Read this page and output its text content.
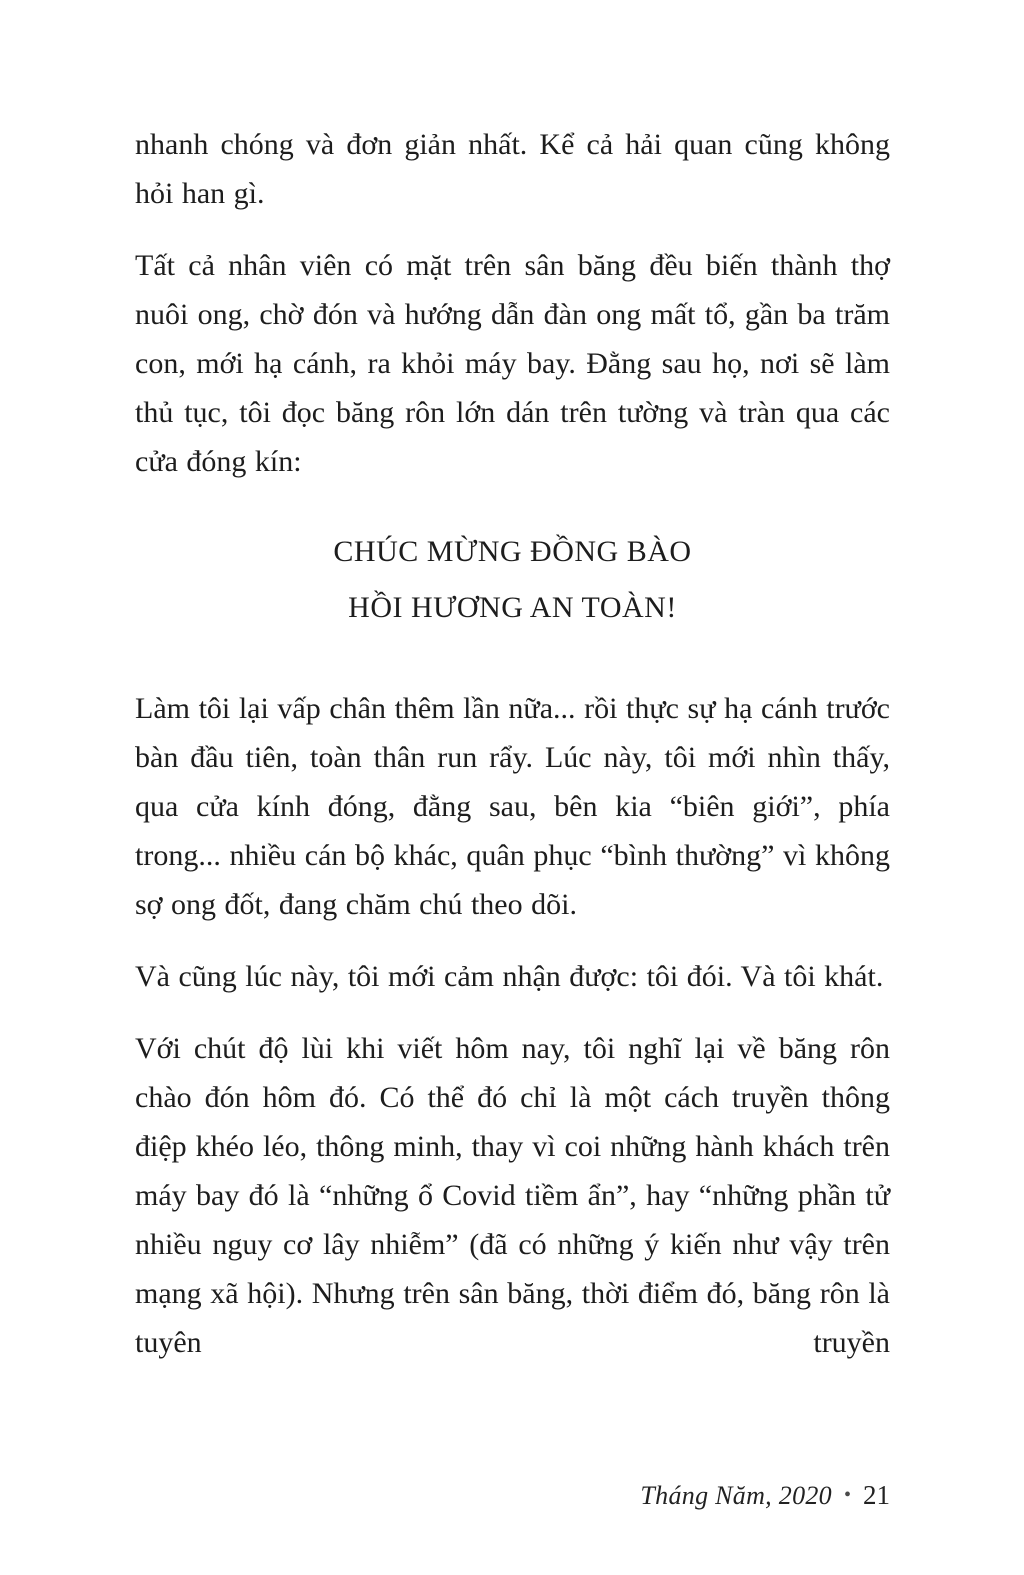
nhanh chóng và đơn giản nhất. Kể cả hải quan cũng không hỏi han gì.

Tất cả nhân viên có mặt trên sân băng đều biến thành thợ nuôi ong, chờ đón và hướng dẫn đàn ong mất tổ, gần ba trăm con, mới hạ cánh, ra khỏi máy bay. Đằng sau họ, nơi sẽ làm thủ tục, tôi đọc băng rôn lớn dán trên tường và tràn qua các cửa đóng kín:

CHÚC MỪNG ĐỒNG BÀO
HỒI HƯƠNG AN TOÀN!

Làm tôi lại vấp chân thêm lần nữa... rồi thực sự hạ cánh trước bàn đầu tiên, toàn thân run rẩy. Lúc này, tôi mới nhìn thấy, qua cửa kính đóng, đằng sau, bên kia “biên giới”, phía trong... nhiều cán bộ khác, quân phục “bình thường” vì không sợ ong đốt, đang chăm chú theo dõi.

Và cũng lúc này, tôi mới cảm nhận được: tôi đói. Và tôi khát.

Với chút độ lùi khi viết hôm nay, tôi nghĩ lại về băng rôn chào đón hôm đó. Có thể đó chỉ là một cách truyền thông điệp khéo léo, thông minh, thay vì coi những hành khách trên máy bay đó là “những ổ Covid tiềm ẩn”, hay “những phần tử nhiều nguy cơ lây nhiễm” (đã có những ý kiến như vậy trên mạng xã hội). Nhưng trên sân băng, thời điểm đó, băng rôn là tuyên truyền

Tháng Năm, 2020 • 21
